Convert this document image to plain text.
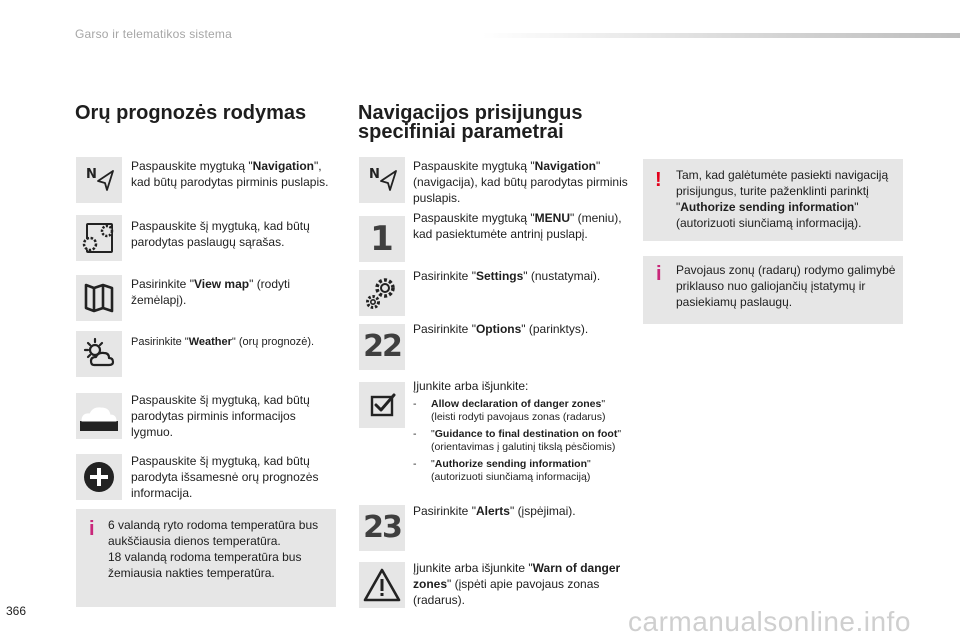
Garso ir telematikos sistema
Orų prognozės rodymas
N
Paspauskite mygtuką "Navigation", kad būtų parodytas pirminis puslapis.
Paspauskite šį mygtuką, kad būtų parodytas paslaugų sąrašas.
Pasirinkite "View map" (rodyti žemėlapį).
Pasirinkite "Weather" (orų prognozė).
Paspauskite šį mygtuką, kad būtų parodytas pirminis informacijos lygmuo.
Paspauskite šį mygtuką, kad būtų parodyta išsamesnė orų prognozės informacija.
i 6 valandą ryto rodoma temperatūra bus aukščiausia dienos temperatūra.
18 valandą rodoma temperatūra bus žemiausia nakties temperatūra.
Navigacijos prisijungus
specifiniai parametrai
N
Paspauskite mygtuką "Navigation" (navigacija), kad būtų parodytas pirminis puslapis.
1
Paspauskite mygtuką "MENU" (meniu), kad pasiektumėte antrinį puslapį.
Pasirinkite "Settings" (nustatymai).
22	Pasirinkite "Options" (parinktys).
Įjunkite arba išjunkite:
- Allow declaration of danger zones" (leisti rodyti pavojaus zonas (radarus)
- "Guidance to final destination on foot" (orientavimas į galutinį tikslą pėsčiomis)
- "Authorize sending information" (autorizuoti siunčiamą informaciją)
23	Pasirinkite "Alerts" (įspėjimai).
Įjunkite arba išjunkite "Warn of danger zones" (įspėti apie pavojaus zonas (radarus).
! Tam, kad galėtumėte pasiekti navigaciją prisijungus, turite paženklinti parinktį "Authorize sending information" (autorizuoti siunčiamą informaciją).
i Pavojaus zonų (radarų) rodymo galimybė priklauso nuo galiojančių įstatymų ir pasiekiamų paslaugų.
366	carmanualsonline.info
